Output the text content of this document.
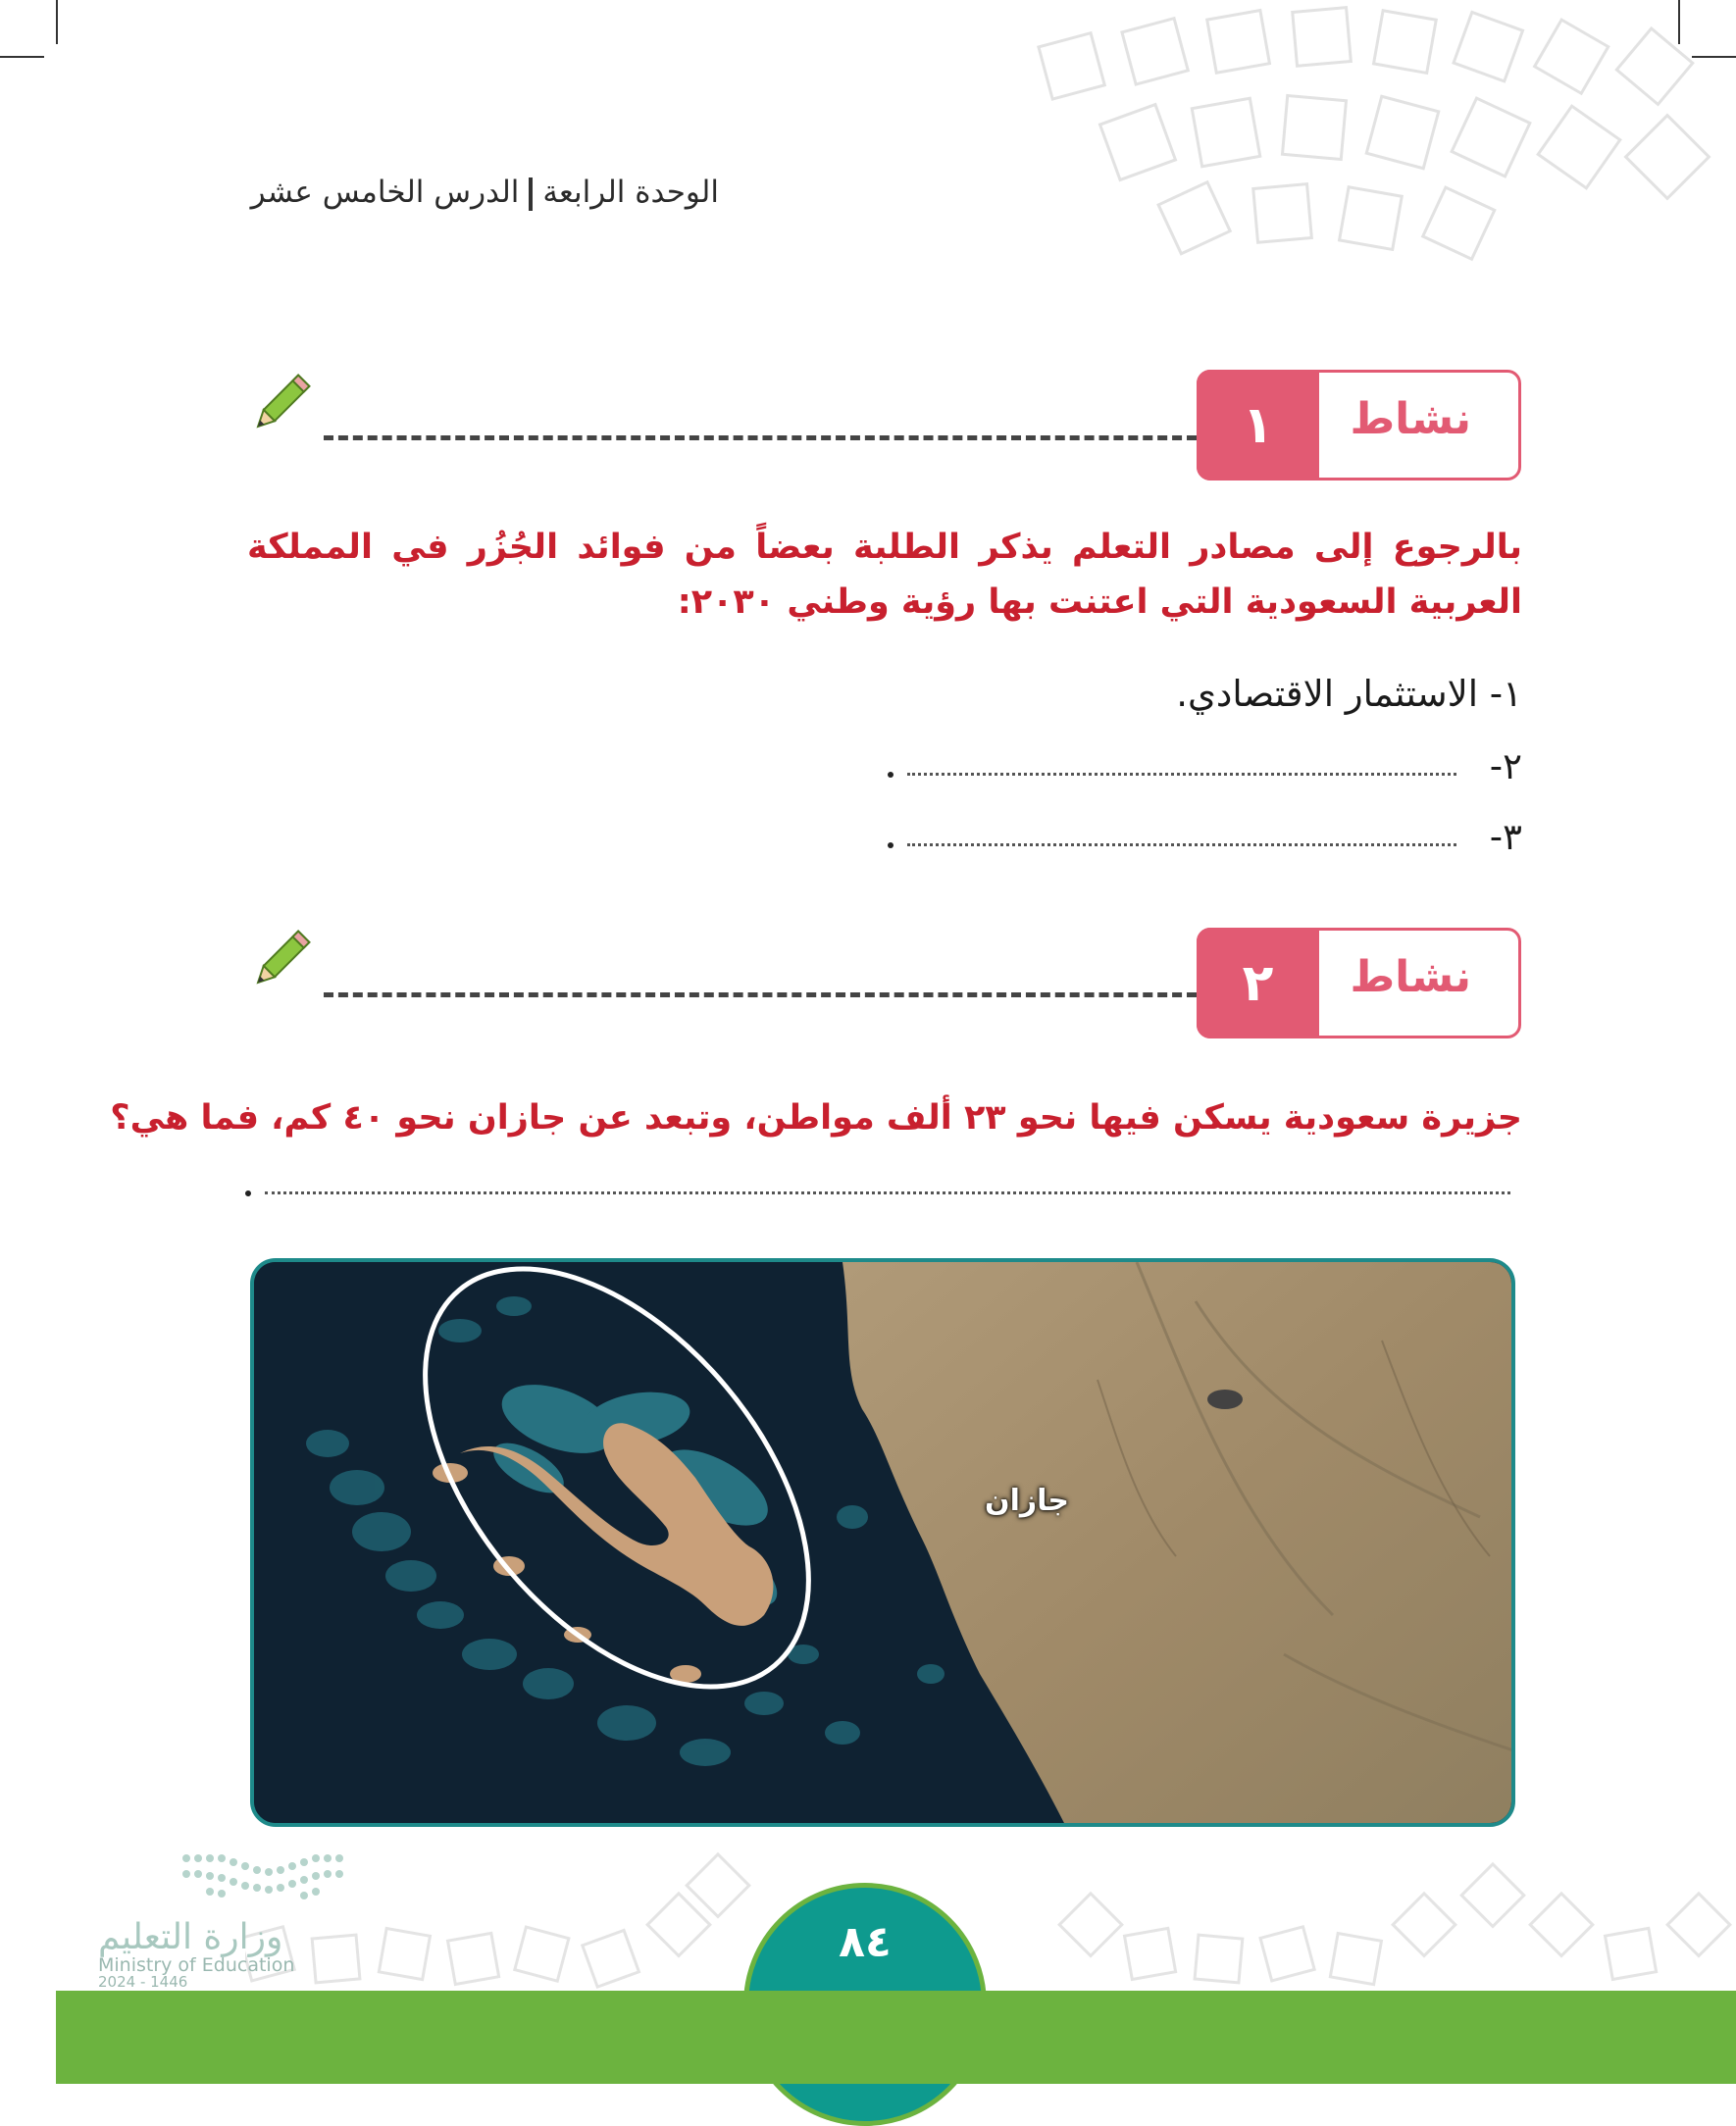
الوحدة الرابعةالدرس الخامس عشر
١	نشاط
بالرجوع إلى مصادر التعلم يذكر الطلبة بعضاً من فوائد الجُزُر في المملكة العربية السعودية التي اعتنت بها رؤية وطني ٢٠٣٠:
١- الاستثمار الاقتصادي.
٢-
٣-
٢	نشاط
جزيرة سعودية يسكن فيها نحو ٢٣ ألف مواطن، وتبعد عن جازان نحو ٤٠ كم، فما هي؟
جازان
وزارة التعليم
Ministry of Education
2024 - 1446
٨٤
